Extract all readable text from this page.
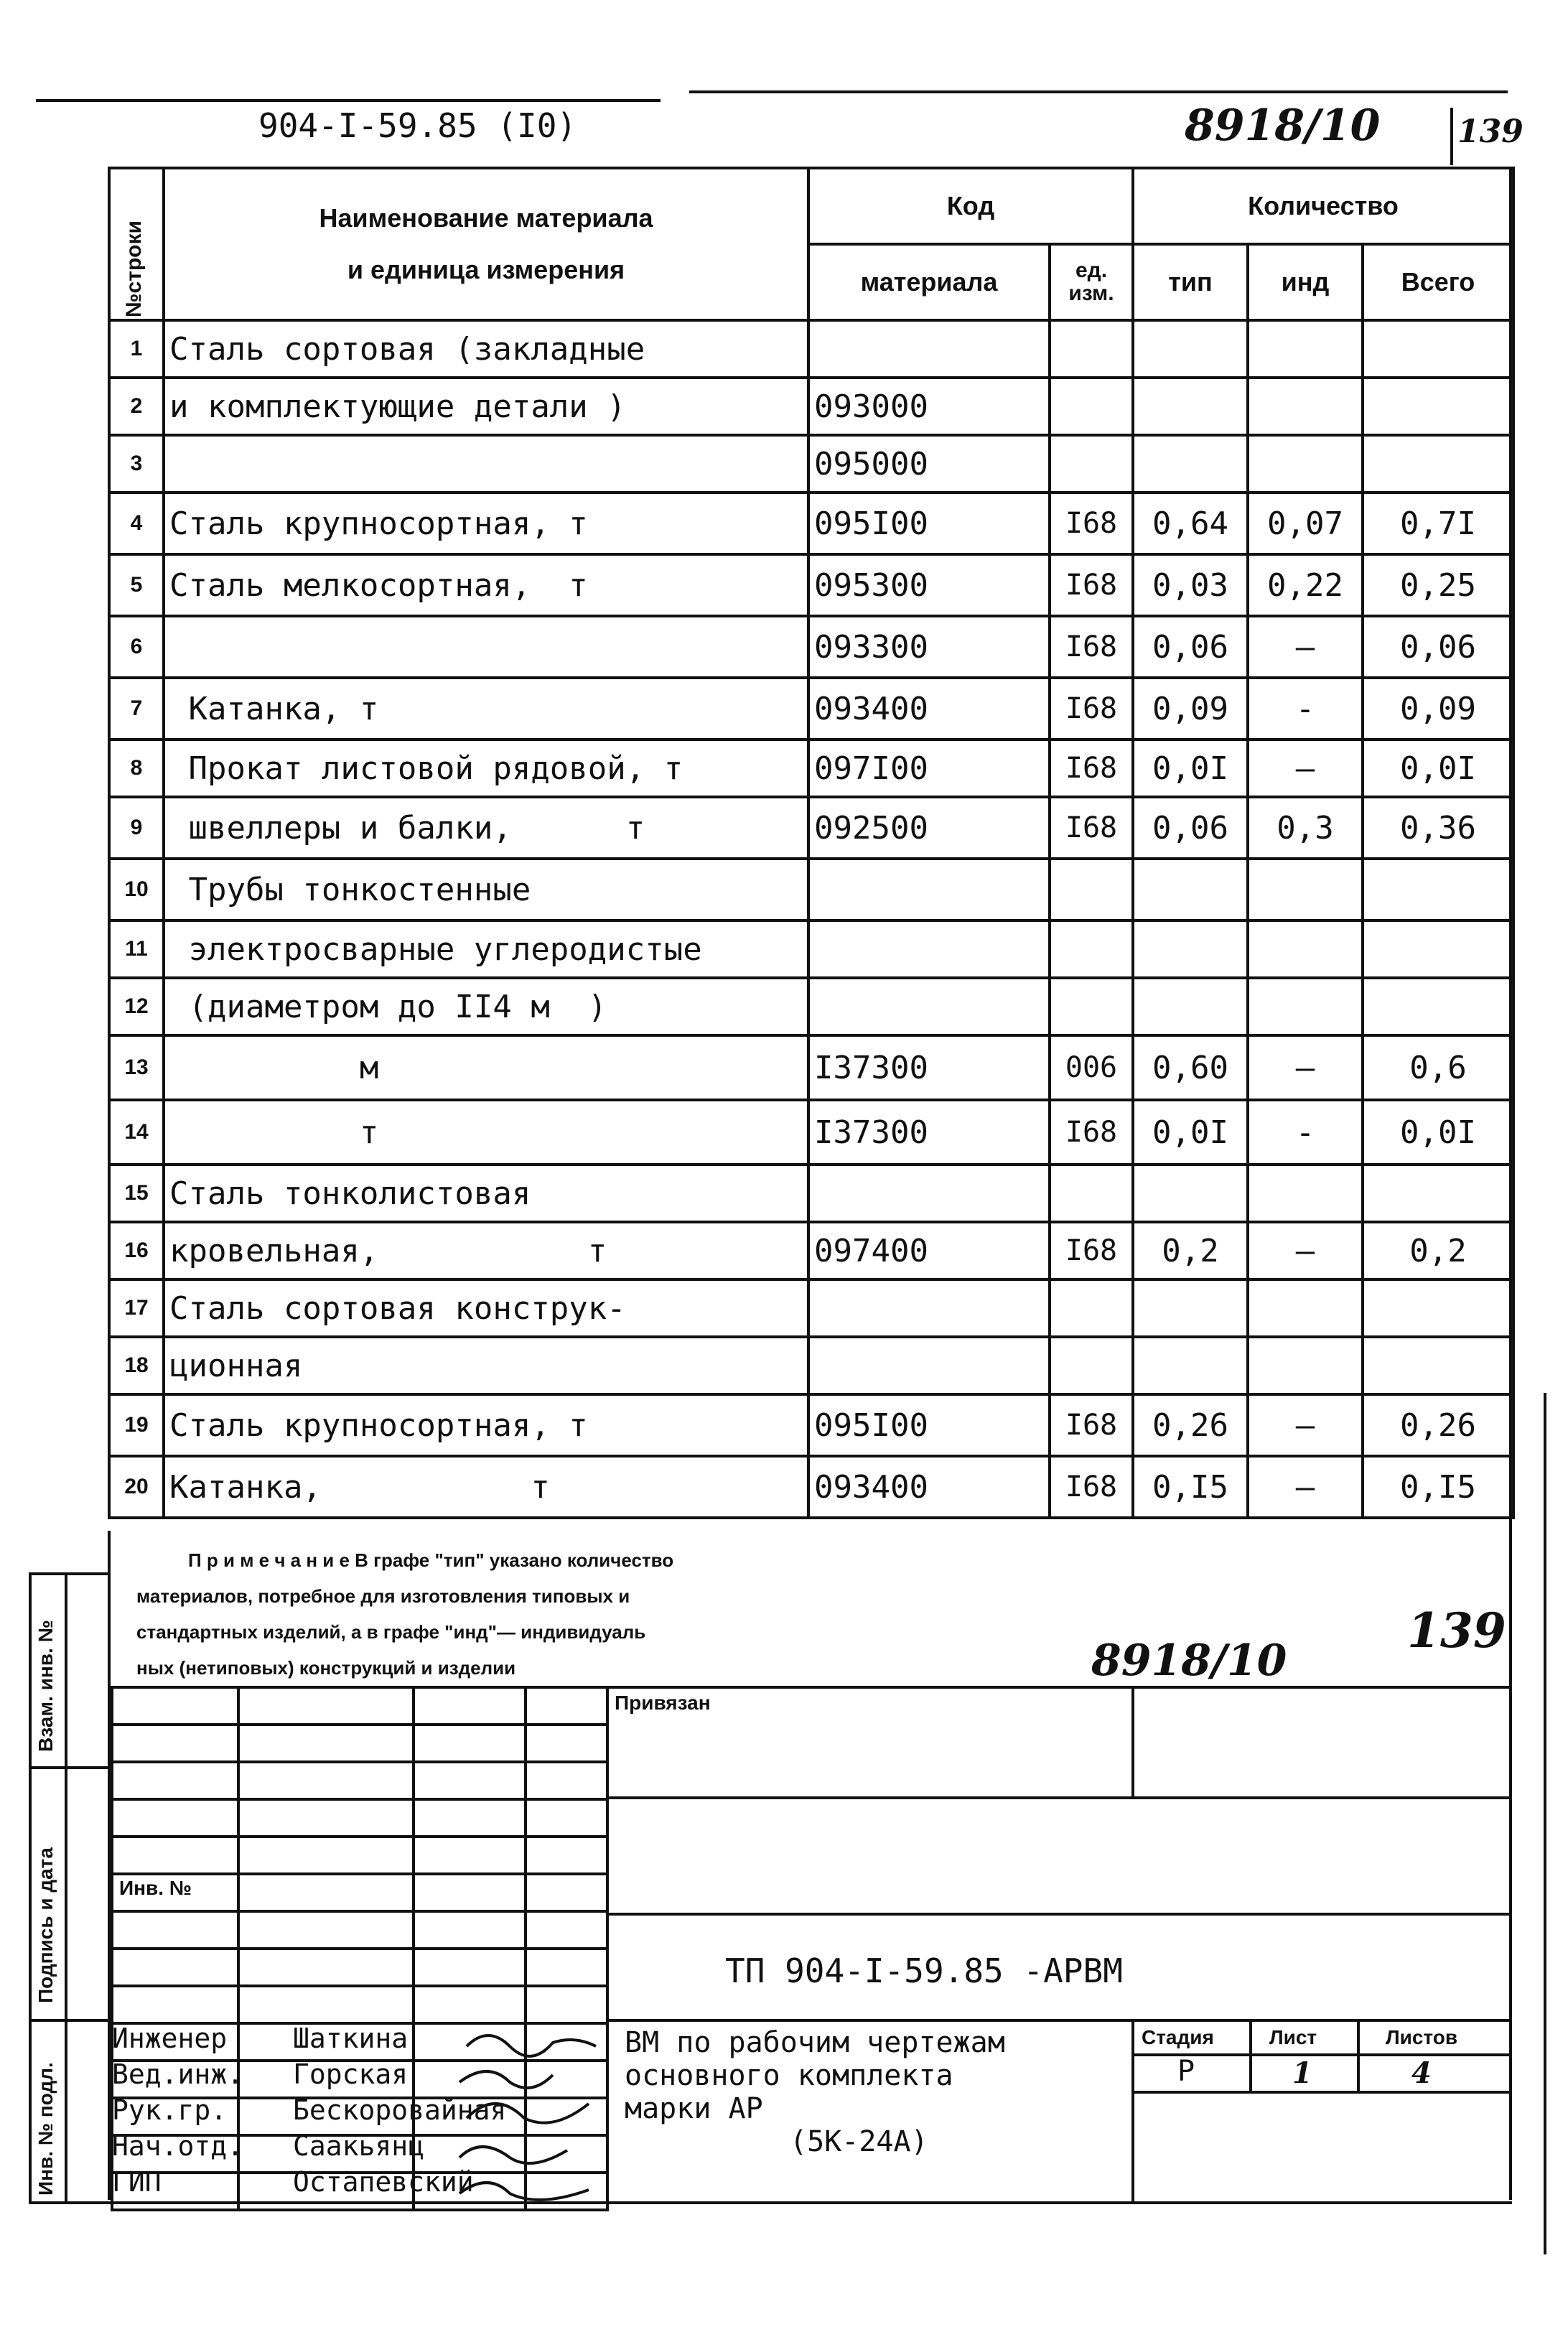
904-I-59.85 (I0)	8918/10 139
№строки	Наименование материала
и единица измерения	Код		Количество		
		материала	ед. изм.	тип	инд	Всего
1	Сталь сортовая (закладные					
2	и комплектующие детали )	093000				
3		095000				
4	Сталь крупносортная, т	095I00	I68	0,64	0,07	0,7I
5	Сталь мелкосортная,  т	095300	I68	0,03	0,22	0,25
6		093300	I68	0,06	–	0,06
7	Катанка, т	093400	I68	0,09	-	0,09
8	Прокат листовой рядовой, т	097I00	I68	0,0I	–	0,0I
9	швеллеры и балки,      т	092500	I68	0,06	0,3	0,36
10	Трубы тонкостенные					
11	электросварные углеродистые					
12	(диаметром до II4 м  )					
13	м	I37300	006	0,60	–	0,6
14	т	I37300	I68	0,0I	-	0,0I
15	Сталь тонколистовая					
16	кровельная,           т	097400	I68	0,2	–	0,2
17	Сталь сортовая конструк-					
18	ционная					
19	Сталь крупносортная, т	095I00	I68	0,26	–	0,26
20	Катанка,           т	093400	I68	0,I5	–	0,I5
П р и м е ч а н и е В графе "тип" указано количество
материалов, потребное для изготовления типовых и
стандартных изделий, а в графе "инд"— индивидуаль
ных (нетиповых) конструкций и изделии	8918/10
139
Взам. инв. №
Подпись и дата
Инв. № подл.

Инв. №
Инженер Шаткина
Вед.инж. Горская
Рук.гр. Бескоровайная
Нач.отд. Саакьянц
ГИП	Остапевский
Привязан
ТП 904-I-59.85 -АРВМ
ВМ по рабочим чертежам
основного комплекта
марки АР
(5К-24А)
Стадия	Лист	Листов
Р	1	4
